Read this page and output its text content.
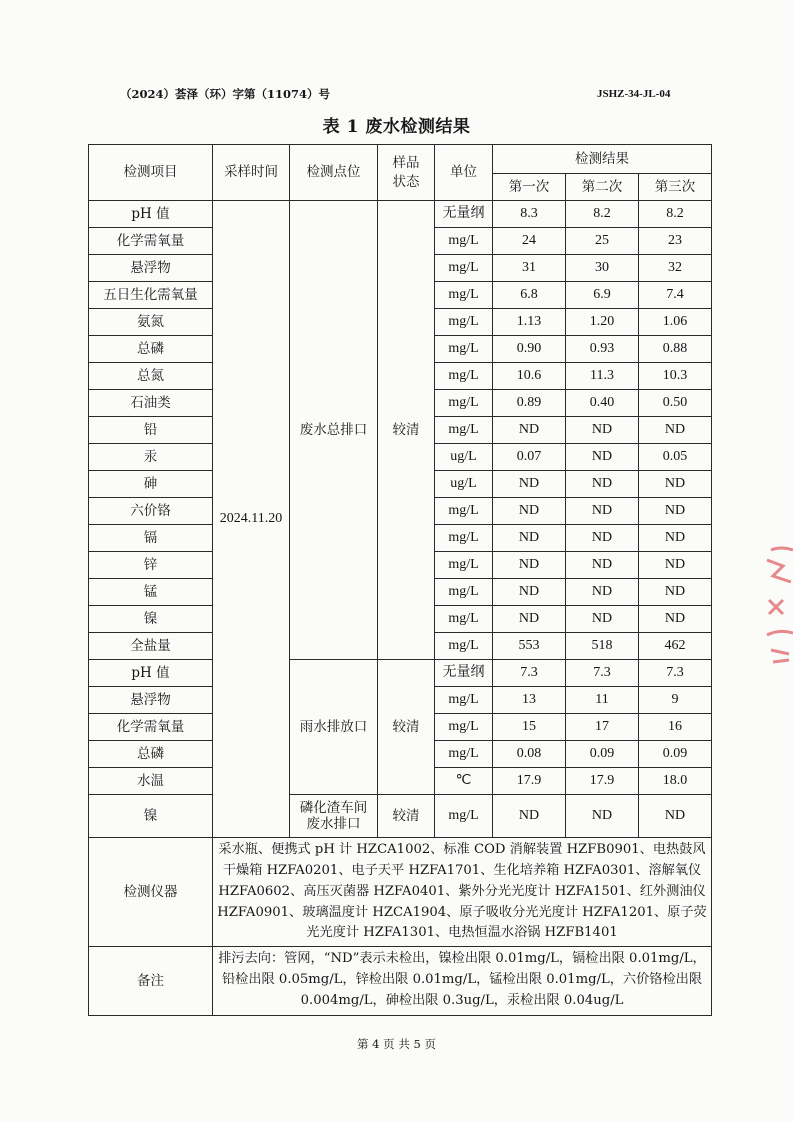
（2024）荟泽（环）字第（11074）号	JSHZ-34-JL-04
表 1 废水检测结果
检测项目	采样时间	检测点位	样品状态	单位	检测结果		
					第一次	第二次	第三次
pH 值	2024.11.20	废水总排口	较清	无量纲	8.3	8.2	8.2
化学需氧量				mg/L	24	25	23
悬浮物				mg/L	31	30	32
五日生化需氧量				mg/L	6.8	6.9	7.4
氨氮				mg/L	1.13	1.20	1.06
总磷				mg/L	0.90	0.93	0.88
总氮				mg/L	10.6	11.3	10.3
石油类				mg/L	0.89	0.40	0.50
铅				mg/L	ND	ND	ND
汞				ug/L	0.07	ND	0.05
砷				ug/L	ND	ND	ND
六价铬				mg/L	ND	ND	ND
镉				mg/L	ND	ND	ND
锌				mg/L	ND	ND	ND
锰				mg/L	ND	ND	ND
镍				mg/L	ND	ND	ND
全盐量				mg/L	553	518	462
pH 值		雨水排放口	较清	无量纲	7.3	7.3	7.3
悬浮物				mg/L	13	11	9
化学需氧量				mg/L	15	17	16
总磷				mg/L	0.08	0.09	0.09
水温				℃	17.9	17.9	18.0
镍		磷化渣车间废水排口	较清	mg/L	ND	ND	ND
检测仪器	采水瓶、便携式 pH 计 HZCA1002、标准 COD 消解装置 HZFB0901、电热鼓风干燥箱 HZFA0201、电子天平 HZFA1701、生化培养箱 HZFA0301、溶解氧仪 HZFA0602、高压灭菌器 HZFA0401、紫外分光光度计 HZFA1501、红外测油仪 HZFA0901、玻璃温度计 HZCA1904、原子吸收分光光度计 HZFA1201、原子荧光光度计 HZFA1301、电热恒温水浴锅 HZFB1401						
备注	排污去向：管网，“ND”表示未检出，镍检出限 0.01mg/L，镉检出限 0.01mg/L，铅检出限 0.05mg/L，锌检出限 0.01mg/L，锰检出限 0.01mg/L，六价铬检出限 0.004mg/L，砷检出限 0.3ug/L，汞检出限 0.04ug/L						
第 4 页 共 5 页
